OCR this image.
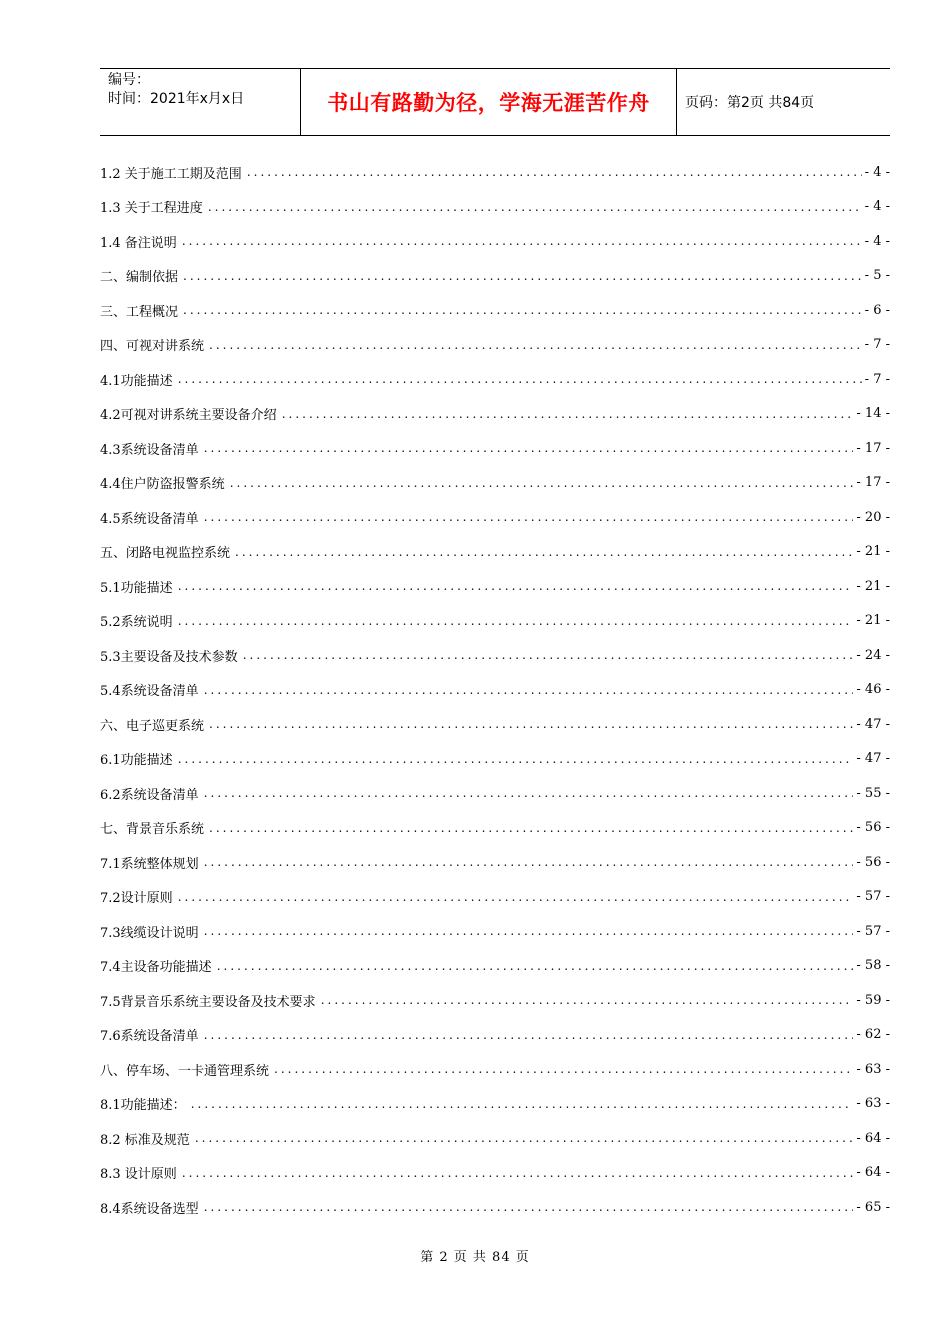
编号：
时间：2021年x月x日	书山有路勤为径，学海无涯苦作舟	页码：第2页 共84页
1.2 关于施工工期及范围 .....	- 4 -
1.3 关于工程进度 .....	- 4 -
1.4 备注说明 .....	- 4 -
二、编制依据 .....	- 5 -
三、工程概况 .....	- 6 -
四、可视对讲系统 .....	- 7 -
4.1功能描述 .....	- 7 -
4.2可视对讲系统主要设备介绍 .....	- 14 -
4.3系统设备清单 .....	- 17 -
4.4住户防盗报警系统 .....	- 17 -
4.5系统设备清单 .....	- 20 -
五、闭路电视监控系统 .....	- 21 -
5.1功能描述 .....	- 21 -
5.2系统说明 .....	- 21 -
5.3主要设备及技术参数 .....	- 24 -
5.4系统设备清单 .....	- 46 -
六、电子巡更系统 .....	- 47 -
6.1功能描述 .....	- 47 -
6.2系统设备清单 .....	- 55 -
七、背景音乐系统 .....	- 56 -
7.1系统整体规划 .....	- 56 -
7.2设计原则 .....	- 57 -
7.3线缆设计说明 .....	- 57 -
7.4主设备功能描述 .....	- 58 -
7.5背景音乐系统主要设备及技术要求 .....	- 59 -
7.6系统设备清单 .....	- 62 -
八、停车场、一卡通管理系统 .....	- 63 -
8.1功能描述： .....	- 63 -
8.2 标准及规范 .....	- 64 -
8.3 设计原则 .....	- 64 -
8.4系统设备选型 .....	- 65 -
第 2 页 共 84 页
